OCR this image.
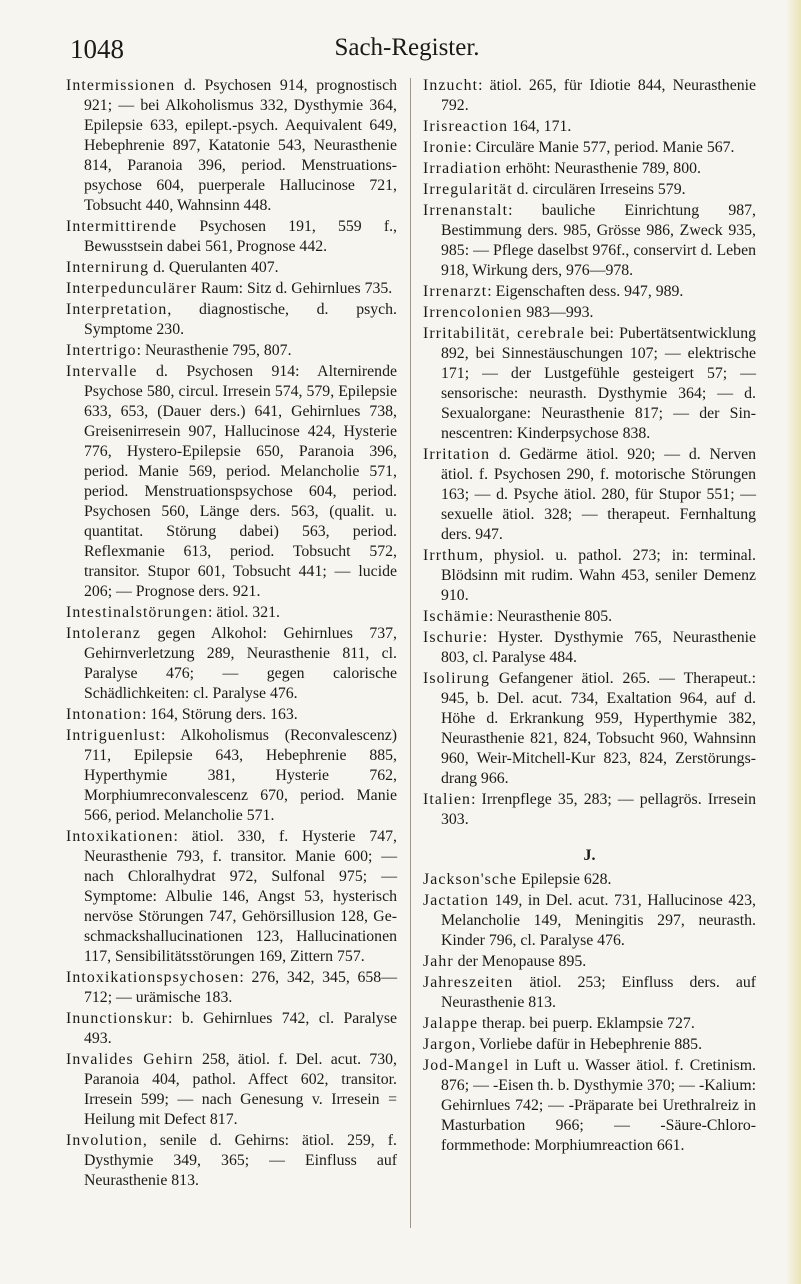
1048	Sach-Register.
Intermissionen d. Psychosen 914, prognostisch 921; — bei Alkoholismus 332, Dysthymie 364, Epilepsie 633, epilept.-psych. Aequivalent 649, Hebephrenie 897, Katatonie 543, Neurasthenie 814, Paranoia 396, period. Menstruationspsychose 604, puerperale Hallucinose 721, Tobsucht 440, Wahnsinn 448.
Intermittirende Psychosen 191, 559 f., Bewusstsein dabei 561, Prognose 442.
Internirung d. Querulanten 407.
Interpedunculärer Raum: Sitz d. Gehirnlues 735.
Interpretation, diagnostische, d. psych. Symptome 230.
Intertrigo: Neurasthenie 795, 807.
Intervalle d. Psychosen 914: Alternirende Psychose 580, circul. Irresein 574, 579, Epilepsie 633, 653, (Dauer ders.) 641, Gehirnlues 738, Greisenirresein 907, Hallucinose 424, Hysterie 776, Hystero-Epilepsie 650, Paranoia 396, period. Manie 569, period. Melancholie 571, period. Menstruationspsychose 604, period. Psychosen 560, Länge ders. 563, (qualit. u. quantitat. Störung dabei) 563, period. Reflexmanie 613, period. Tobsucht 572, transitor. Stupor 601, Tobsucht 441; — lucide 206; — Prognose ders. 921.
Intestinalstörungen: ätiol. 321.
Intoleranz gegen Alkohol: Gehirnlues 737, Gehirnverletzung 289, Neurasthenie 811, cl. Paralyse 476; — gegen calorische Schädlichkeiten: cl. Paralyse 476.
Intonation: 164, Störung ders. 163.
Intriguenlust: Alkoholismus (Reconvalescenz) 711, Epilepsie 643, Hebephrenie 885, Hyperthymie 381, Hysterie 762, Morphiumreconvalescenz 670, period. Manie 566, period. Melancholie 571.
Intoxikationen: ätiol. 330, f. Hysterie 747, Neurasthenie 793, f. transitor. Manie 600; — nach Chloralhydrat 972, Sulfonal 975; — Symptome: Albulie 146, Angst 53, hysterisch nervöse Störungen 747, Gehörsillusion 128, Geschmackshallucinationen 123, Hallucinationen 117, Sensibilitätsstörungen 169, Zittern 757.
Intoxikationspsychosen: 276, 342, 345, 658—712; — urämische 183.
Inunctionskur: b. Gehirnlues 742, cl. Paralyse 493.
Invalides Gehirn 258, ätiol. f. Del. acut. 730, Paranoia 404, pathol. Affect 602, transitor. Irresein 599; — nach Genesung v. Irresein = Heilung mit Defect 817.
Involution, senile d. Gehirns: ätiol. 259, f. Dysthymie 349, 365; — Einfluss auf Neurasthenie 813.
Inzucht: ätiol. 265, für Idiotie 844, Neurasthenie 792.
Irisreaction 164, 171.
Ironie: Circuläre Manie 577, period. Manie 567.
Irradiation erhöht: Neurasthenie 789, 800.
Irregularität d. circulären Irreseins 579.
Irrenanstalt: bauliche Einrichtung 987, Bestimmung ders. 985, Grösse 986, Zweck 935, 985: — Pflege daselbst 976f., conservirt d. Leben 918, Wirkung ders, 976—978.
Irrenarzt: Eigenschaften dess. 947, 989.
Irrencolonien 983—993.
Irritabilität, cerebrale bei: Pubertätsentwicklung 892, bei Sinnestäuschungen 107; — elektrische 171; — der Lustgefühle gesteigert 57; — sensorische: neurasth. Dysthymie 364; — d. Sexualorgane: Neurasthenie 817; — der Sinnescentren: Kinderpsychose 838.
Irritation d. Gedärme ätiol. 920; — d. Nerven ätiol. f. Psychosen 290, f. motorische Störungen 163; — d. Psyche ätiol. 280, für Stupor 551; — sexuelle ätiol. 328; — therapeut. Fernhaltung ders. 947.
Irrthum, physiol. u. pathol. 273; in: terminal. Blödsinn mit rudim. Wahn 453, seniler Demenz 910.
Ischämie: Neurasthenie 805.
Ischurie: Hyster. Dysthymie 765, Neurasthenie 803, cl. Paralyse 484.
Isolirung Gefangener ätiol. 265. — Therapeut.: 945, b. Del. acut. 734, Exaltation 964, auf d. Höhe d. Erkrankung 959, Hyperthymie 382, Neurasthenie 821, 824, Tobsucht 960, Wahnsinn 960, Weir-Mitchell-Kur 823, 824, Zerstörungsdrang 966.
Italien: Irrenpflege 35, 283; — pellagrös. Irresein 303.
J.
Jackson'sche Epilepsie 628.
Jactation 149, in Del. acut. 731, Hallucinose 423, Melancholie 149, Meningitis 297, neurasth. Kinder 796, cl. Paralyse 476.
Jahr der Menopause 895.
Jahreszeiten ätiol. 253; Einfluss ders. auf Neurasthenie 813.
Jalappe therap. bei puerp. Eklampsie 727.
Jargon, Vorliebe dafür in Hebephrenie 885.
Jod-Mangel in Luft u. Wasser ätiol. f. Cretinism. 876; — -Eisen th. b. Dysthymie 370; — -Kalium: Gehirnlues 742; — -Präparate bei Urethralreiz in Masturbation 966; — -Säure-Chloroformmethode: Morphiumreaction 661.
